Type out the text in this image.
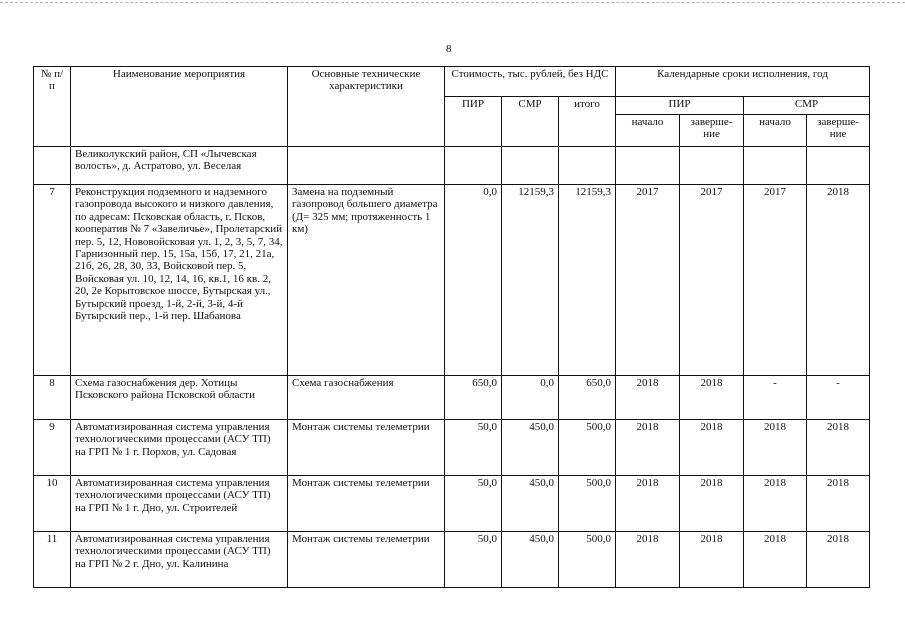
8
№ п/п	Наименование мероприятия	Основные технические характеристики	Стоимость, тыс. рублей, без НДС			Календарные сроки исполнения, год			
			ПИР	СМР	итого	ПИР		СМР	
						начало	заверше-ние	начало	заверше-ние
	Великолукский район, СП «Лычевская волость», д. Астратово, ул. Веселая								
7	Реконструкция подземного и надземного газопровода высокого и низкого давления, по адресам: Псковская область, г. Псков, кооператив № 7 «Завеличье», Пролетарский пер. 5, 12, Нововойсковая ул. 1, 2, 3, 5, 7, 34, Гарнизонный пер. 15, 15а, 15б, 17, 21, 21а, 21б, 26, 28, 30, 33, Войсковой пер. 5, Войсковая ул. 10, 12, 14, 16, кв.1, 16 кв. 2, 20, 2е Корытовское шоссе, Бутырская ул., Бутырский проезд, 1-й, 2-й, 3-й, 4-й Бутырский пер., 1-й пер. Шабанова	Замена на подземный газопровод большего диаметра (Д= 325 мм; протяженность 1 км)	0,0	12159,3	12159,3	2017	2017	2017	2018
8	Схема газоснабжения дер. Хотицы Псковского района Псковской области	Схема газоснабжения	650,0	0,0	650,0	2018	2018	-	-
9	Автоматизированная система управления технологическими процессами (АСУ ТП) на ГРП № 1 г. Порхов, ул. Садовая	Монтаж системы телеметрии	50,0	450,0	500,0	2018	2018	2018	2018
10	Автоматизированная система управления технологическими процессами (АСУ ТП) на ГРП № 1 г. Дно, ул. Строителей	Монтаж системы телеметрии	50,0	450,0	500,0	2018	2018	2018	2018
11	Автоматизированная система управления технологическими процессами (АСУ ТП) на ГРП № 2 г. Дно, ул. Калинина	Монтаж системы телеметрии	50,0	450,0	500,0	2018	2018	2018	2018
